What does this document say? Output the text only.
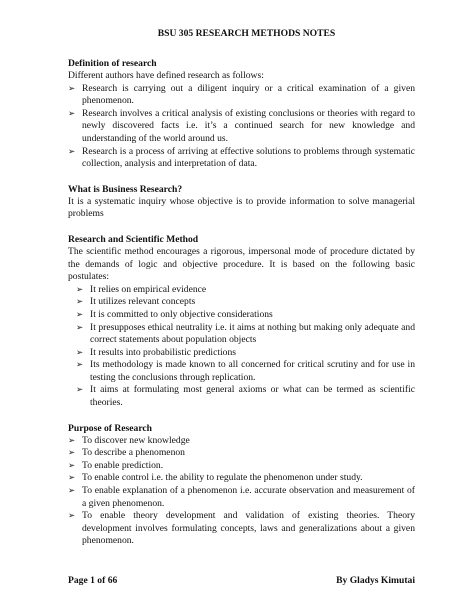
BSU 305 RESEARCH METHODS NOTES
Definition of research

Different authors have defined research as follows:

➢ Research is carrying out a diligent inquiry or a critical examination of a given phenomenon.
➢ Research involves a critical analysis of existing conclusions or theories with regard to newly discovered facts i.e. it’s a continued search for new knowledge and understanding of the world around us.
➢ Research is a process of arriving at effective solutions to problems through systematic collection, analysis and interpretation of data.
What is Business Research?

It is a systematic inquiry whose objective is to provide information to solve managerial problems

Research and Scientific Method

The scientific method encourages a rigorous, impersonal mode of procedure dictated by the demands of logic and objective procedure. It is based on the following basic postulates:

➢ It relies on empirical evidence
➢ It utilizes relevant concepts
➢ It is committed to only objective considerations
➢ It presupposes ethical neutrality i.e. it aims at nothing but making only adequate and correct statements about population objects
➢ It results into probabilistic predictions
➢ Its methodology is made known to all concerned for critical scrutiny and for use in testing the conclusions through replication.
➢ It aims at formulating most general axioms or what can be termed as scientific theories.
Purpose of Research
➢ To discover new knowledge
➢ To describe a phenomenon
➢ To enable prediction.
➢ To enable control i.e. the ability to regulate the phenomenon under study.
➢ To enable explanation of a phenomenon i.e. accurate observation and measurement of a given phenomenon.
➢ To enable theory development and validation of existing theories. Theory development involves formulating concepts, laws and generalizations about a given phenomenon.
Page 1 of 66	By Gladys Kimutai
